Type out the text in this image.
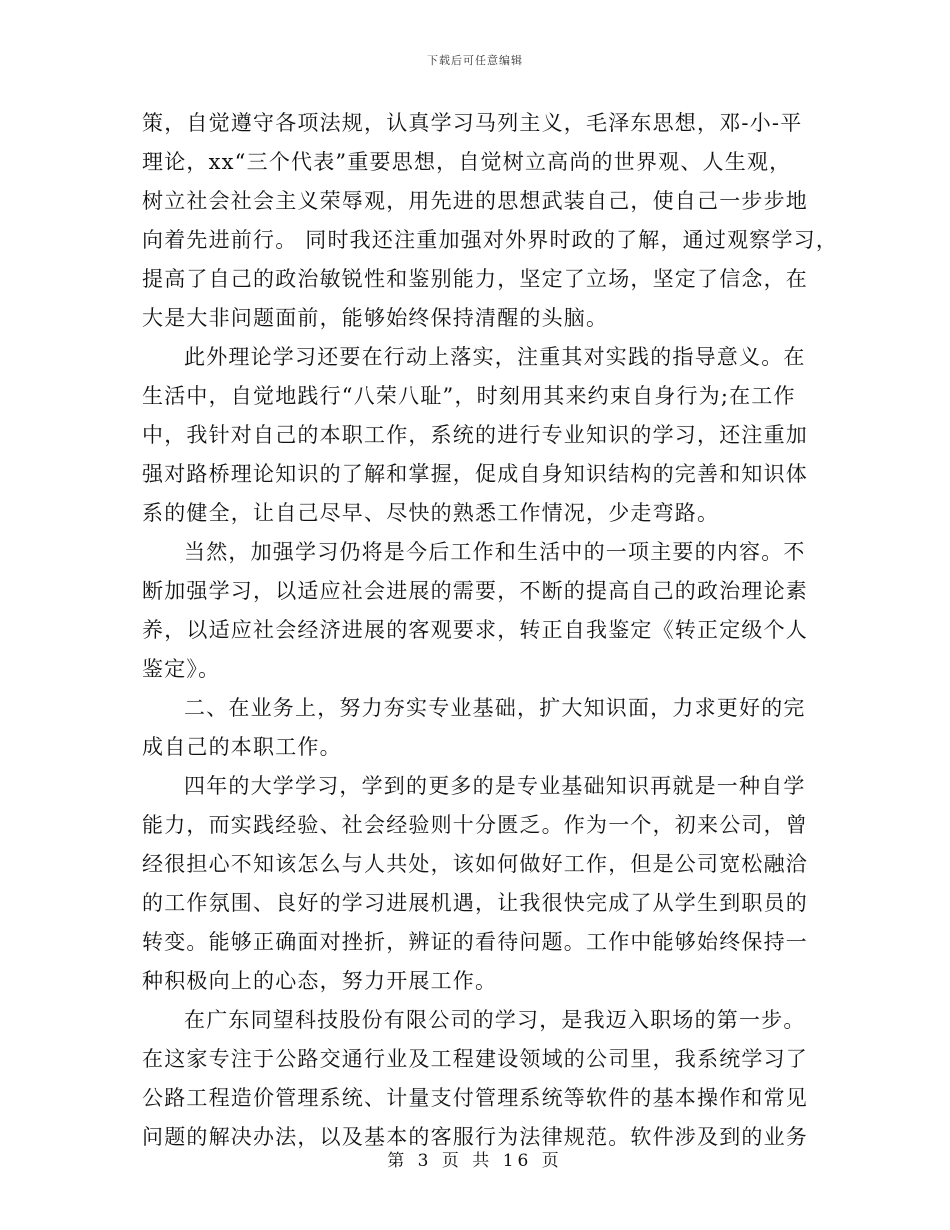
下载后可任意编辑
策，自觉遵守各项法规，认真学习马列主义，毛泽东思想，邓-小-平
理论，xx“三个代表”重要思想，自觉树立高尚的世界观、人生观，
树立社会社会主义荣辱观，用先进的思想武装自己，使自己一步步地
向着先进前行。 同时我还注重加强对外界时政的了解，通过观察学习，
提高了自己的政治敏锐性和鉴别能力，坚定了立场，坚定了信念，在
大是大非问题面前，能够始终保持清醒的头脑。
此外理论学习还要在行动上落实，注重其对实践的指导意义。在
生活中，自觉地践行“八荣八耻”，时刻用其来约束自身行为;在工作
中，我针对自己的本职工作，系统的进行专业知识的学习，还注重加
强对路桥理论知识的了解和掌握，促成自身知识结构的完善和知识体
系的健全，让自己尽早、尽快的熟悉工作情况，少走弯路。
当然，加强学习仍将是今后工作和生活中的一项主要的内容。不
断加强学习，以适应社会进展的需要，不断的提高自己的政治理论素
养，以适应社会经济进展的客观要求，转正自我鉴定《转正定级个人
鉴定》。
二、在业务上，努力夯实专业基础，扩大知识面，力求更好的完
成自己的本职工作。
四年的大学学习，学到的更多的是专业基础知识再就是一种自学
能力，而实践经验、社会经验则十分匮乏。作为一个，初来公司，曾
经很担心不知该怎么与人共处，该如何做好工作，但是公司宽松融洽
的工作氛围、良好的学习进展机遇，让我很快完成了从学生到职员的
转变。能够正确面对挫折，辨证的看待问题。工作中能够始终保持一
种积极向上的心态，努力开展工作。
在广东同望科技股份有限公司的学习，是我迈入职场的第一步。
在这家专注于公路交通行业及工程建设领域的公司里，我系统学习了
公路工程造价管理系统、计量支付管理系统等软件的基本操作和常见
问题的解决办法，以及基本的客服行为法律规范。软件涉及到的业务
第 3 页 共 16 页
